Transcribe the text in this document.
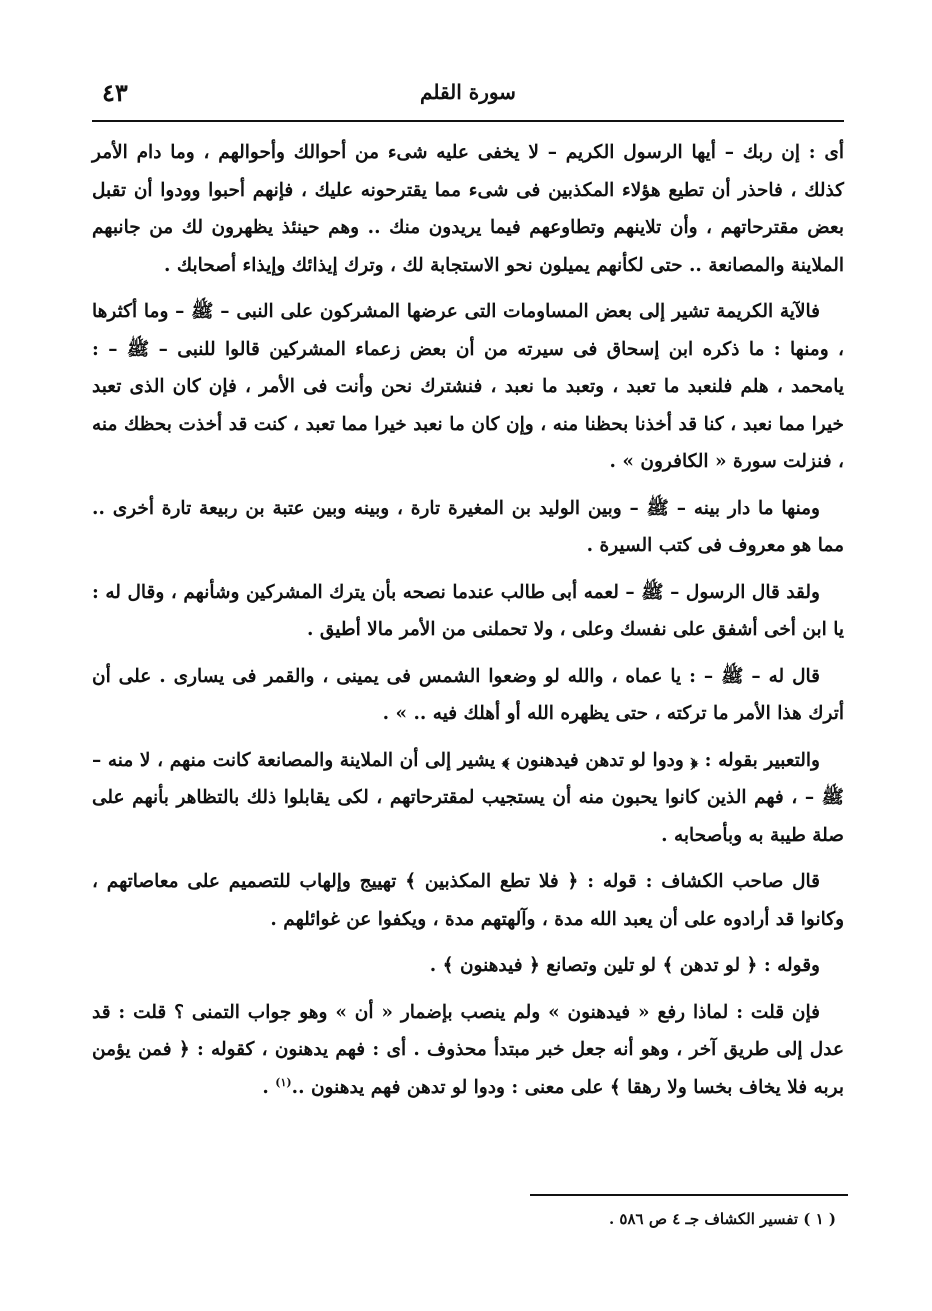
٤٣	سورة القلم

أى : إن ربك – أيها الرسول الكريم – لا يخفى عليه شىء من أحوالك وأحوالهم ، وما دام الأمر كذلك ، فاحذر أن تطيع هؤلاء المكذبين فى شىء مما يقترحونه عليك ، فإنهم أحبوا وودوا أن تقبل بعض مقترحاتهم ، وأن تلاينهم وتطاوعهم فيما يريدون منك .. وهم حينئذ يظهرون لك من جانبهم الملاينة والمصانعة .. حتى لكأنهم يميلون نحو الاستجابة لك ، وترك إيذائك وإيذاء أصحابك .

فالآية الكريمة تشير إلى بعض المساومات التى عرضها المشركون على النبى – ﷺ – وما أكثرها ، ومنها : ما ذكره ابن إسحاق فى سيرته من أن بعض زعماء المشركين قالوا للنبى – ﷺ – : يامحمد ، هلم فلنعبد ما تعبد ، وتعبد ما نعبد ، فنشترك نحن وأنت فى الأمر ، فإن كان الذى تعبد خيرا مما نعبد ، كنا قد أخذنا بحظنا منه ، وإن كان ما نعبد خيرا مما تعبد ، كنت قد أخذت بحظك منه ، فنزلت سورة « الكافرون » .

ومنها ما دار بينه – ﷺ – وبين الوليد بن المغيرة تارة ، وبينه وبين عتبة بن ربيعة تارة أخرى .. مما هو معروف فى كتب السيرة .

ولقد قال الرسول – ﷺ – لعمه أبى طالب عندما نصحه بأن يترك المشركين وشأنهم ، وقال له : يا ابن أخى أشفق على نفسك وعلى ، ولا تحملنى من الأمر مالا أطيق .

قال له – ﷺ – : يا عماه ، والله لو وضعوا الشمس فى يمينى ، والقمر فى يسارى . على أن أترك هذا الأمر ما تركته ، حتى يظهره الله أو أهلك فيه .. » .

والتعبير بقوله : ﴿ ودوا لو تدهن فيدهنون ﴾ يشير إلى أن الملاينة والمصانعة كانت منهم ، لا منه – ﷺ – ، فهم الذين كانوا يحبون منه أن يستجيب لمقترحاتهم ، لكى يقابلوا ذلك بالتظاهر بأنهم على صلة طيبة به وبأصحابه .

قال صاحب الكشاف : قوله : ﴿ فلا تطع المكذبين ﴾ تهييج وإلهاب للتصميم على معاصاتهم ، وكانوا قد أرادوه على أن يعبد الله مدة ، وآلهتهم مدة ، ويكفوا عن غوائلهم .

وقوله : ﴿ لو تدهن ﴾ لو تلين وتصانع ﴿ فيدهنون ﴾ .

فإن قلت : لماذا رفع « فيدهنون » ولم ينصب بإضمار « أن » وهو جواب التمنى ؟ قلت : قد عدل إلى طريق آخر ، وهو أنه جعل خبر مبتدأ محذوف . أى : فهم يدهنون ، كقوله : ﴿ فمن يؤمن بربه فلا يخاف بخسا ولا رهقا ﴾ على معنى : ودوا لو تدهن فهم يدهنون ..$^{(١)}$ .

( ١ ) تفسير الكشاف جـ ٤ ص ٥٨٦ .
